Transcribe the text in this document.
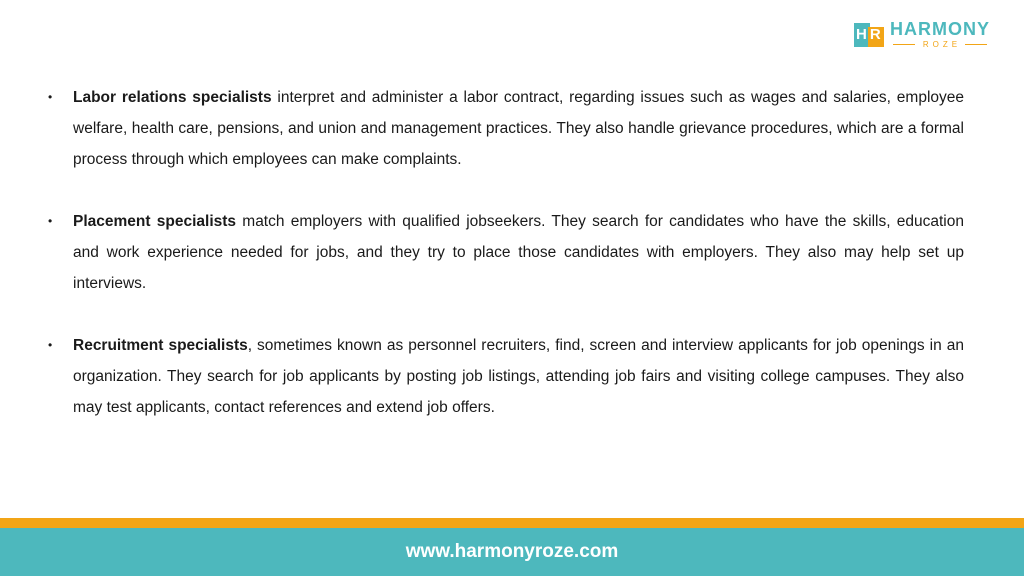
HR HARMONY
ROZE
• Labor relations specialists interpret and administer a labor contract, regarding issues such as wages and salaries, employee welfare, health care, pensions, and union and management practices. They also handle grievance procedures, which are a formal process through which employees can make complaints.
• Placement specialists match employers with qualified jobseekers. They search for candidates who have the skills, education and work experience needed for jobs, and they try to place those candidates with employers. They also may help set up interviews.
• Recruitment specialists, sometimes known as personnel recruiters, find, screen and interview applicants for job openings in an organization. They search for job applicants by posting job listings, attending job fairs and visiting college campuses. They also may test applicants, contact references and extend job offers.
www.harmonyroze.com
